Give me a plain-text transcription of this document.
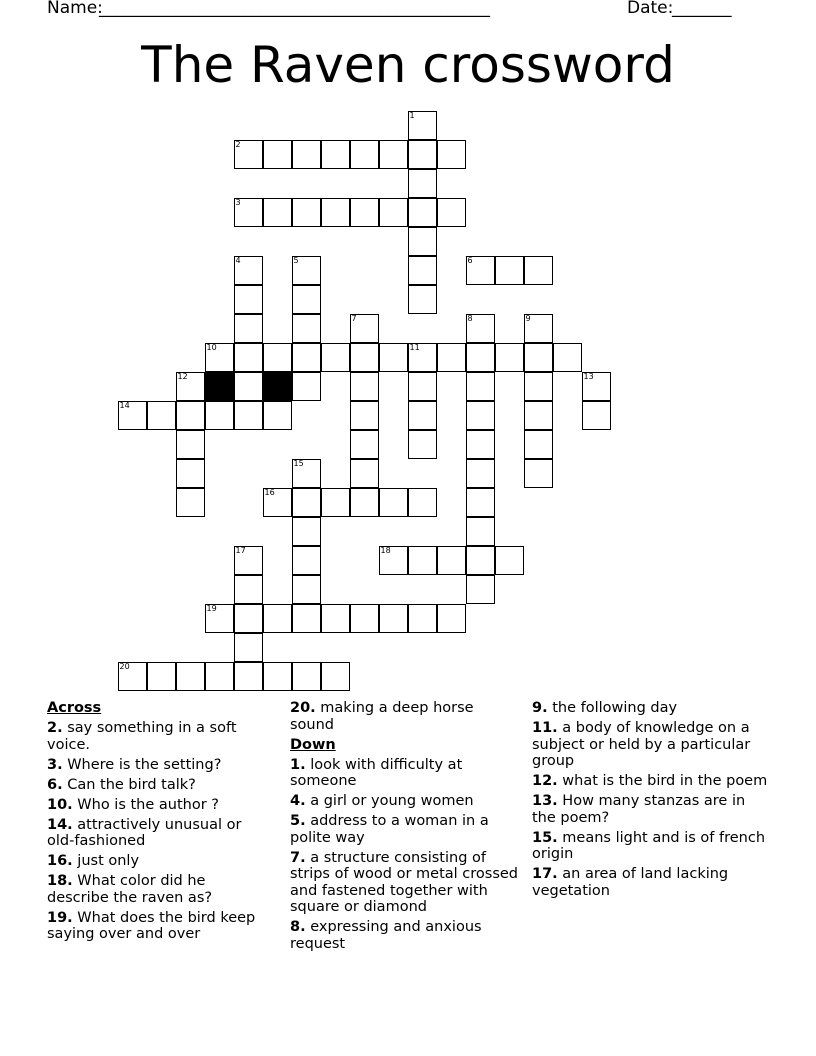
Name:
______________________________________________	Date:
_______
The Raven crossword
1
2
3
4	5	6
7	8	9
10	11
12	13
14
15
16
17	18
19
20
Across
2. say something in a soft voice.
3. Where is the setting?
6. Can the bird talk?
10. Who is the author ?
14. attractively unusual or old-fashioned
16. just only
18. What color did he describe the raven as?
19. What does the bird keep saying over and over
20. making a deep horse sound
Down
1. look with difficulty at someone
4. a girl or young women
5. address to a woman in a polite way
7. a structure consisting of strips of wood or metal crossed and fastened together with square or diamond
8. expressing and anxious request
9. the following day
11. a body of knowledge on a subject or held by a particular group
12. what is the bird in the poem
13. How many stanzas are in the poem?
15. means light and is of french origin
17. an area of land lacking vegetation
